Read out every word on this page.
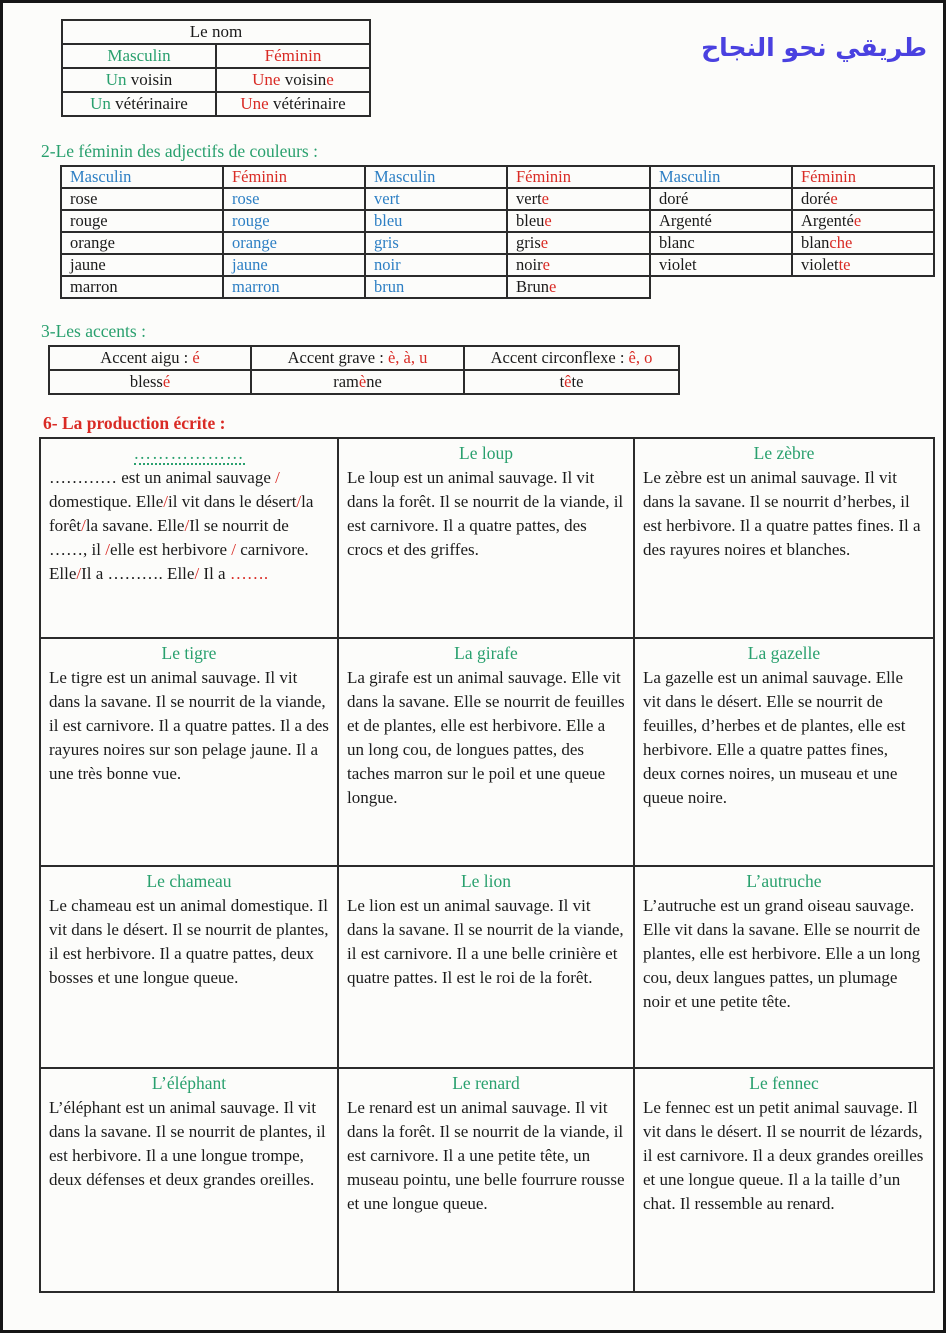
طريقي نحو النجاح
Le nom	
Masculin	Féminin
Un voisin	Une voisine
Un vétérinaire	Une vétérinaire
2-Le féminin des adjectifs de couleurs :
Masculin	Féminin	Masculin	Féminin	Masculin	Féminin
rose	rose	vert	verte	doré	dorée
rouge	rouge	bleu	bleue	Argenté	Argentée
orange	orange	gris	grise	blanc	blanche
jaune	jaune	noir	noire	violet	violette
marron	marron	brun	Brune		
3-Les accents :
Accent aigu : é	Accent grave : è, à, u	Accent circonflexe : ê, o
blessé	ramène	tête
6- La production écrite :
………………
………… est un animal sauvage / domestique. Elle/il vit dans le désert/la forêt/la savane. Elle/Il se nourrit de ……, il /elle est herbivore / carnivore. Elle/Il a ………. Elle/ Il a …….

Le loup
Le loup est un animal sauvage. Il vit dans la forêt. Il se nourrit de la viande, il est carnivore. Il a quatre pattes, des crocs et des griffes.

Le zèbre
Le zèbre est un animal sauvage. Il vit dans la savane. Il se nourrit d’herbes, il est herbivore. Il a quatre pattes fines. Il a des rayures noires et blanches.

Le tigre
Le tigre est un animal sauvage. Il vit dans la savane. Il se nourrit de la viande, il est carnivore. Il a quatre pattes. Il a des rayures noires sur son pelage jaune. Il a une très bonne vue.

La girafe
La girafe est un animal sauvage. Elle vit dans la savane. Elle se nourrit de feuilles et de plantes, elle est herbivore. Elle a un long cou, de longues pattes, des taches marron sur le poil et une queue longue.

La gazelle
La gazelle est un animal sauvage. Elle vit dans le désert. Elle se nourrit de feuilles, d’herbes et de plantes, elle est herbivore. Elle a quatre pattes fines, deux cornes noires, un museau et une queue noire.

Le chameau
Le chameau est un animal domestique. Il vit dans le désert. Il se nourrit de plantes, il est herbivore. Il a quatre pattes, deux bosses et une longue queue.

Le lion
Le lion est un animal sauvage. Il vit dans la savane. Il se nourrit de la viande, il est carnivore. Il a une belle crinière et quatre pattes. Il est le roi de la forêt.

L’autruche
L’autruche est un grand oiseau sauvage. Elle vit dans la savane. Elle se nourrit de plantes, elle est herbivore. Elle a un long cou, deux langues pattes, un plumage noir et une petite tête.

L’éléphant
L’éléphant est un animal sauvage. Il vit dans la savane. Il se nourrit de plantes, il est herbivore. Il a une longue trompe, deux défenses et deux grandes oreilles.

Le renard
Le renard est un animal sauvage. Il vit dans la forêt. Il se nourrit de la viande, il est carnivore. Il a une petite tête, un museau pointu, une belle fourrure rousse et une longue queue.

Le fennec
Le fennec est un petit animal sauvage. Il vit dans le désert. Il se nourrit de lézards, il est carnivore. Il a deux grandes oreilles et une longue queue. Il a la taille d’un chat. Il ressemble au renard.
